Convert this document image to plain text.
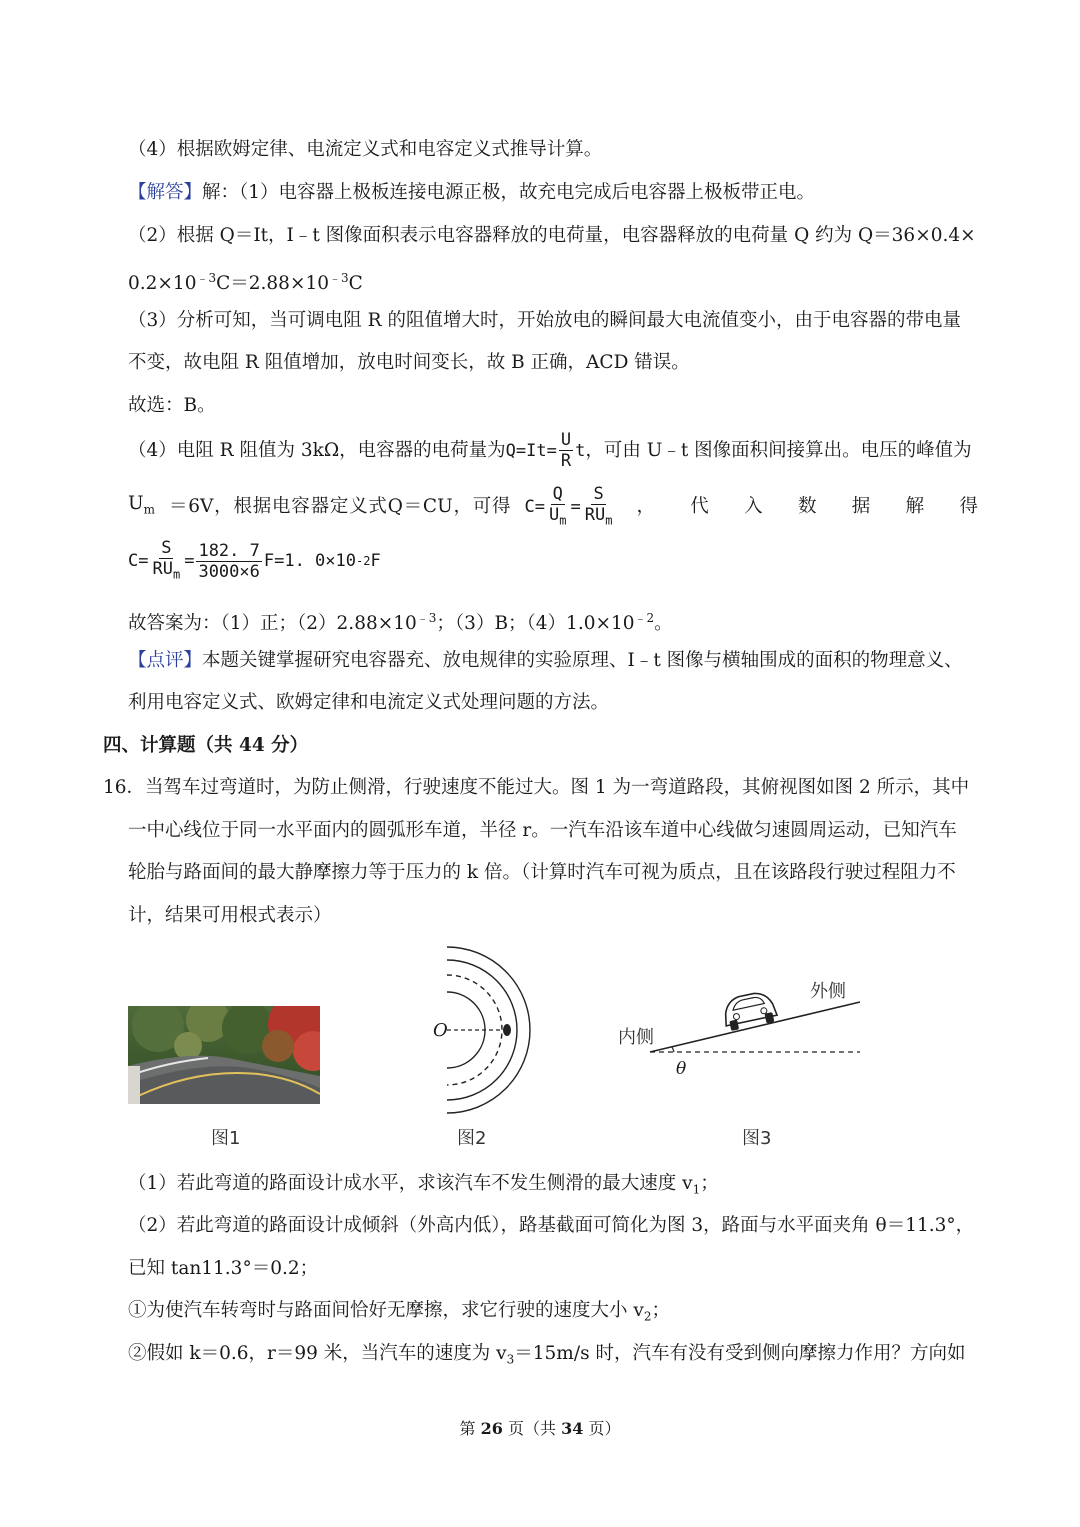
（4）根据欧姆定律、电流定义式和电容定义式推导计算。
【解答】解：（1）电容器上极板连接电源正极，故充电完成后电容器上极板带正电。
（2）根据 Q＝It，I﹣t 图像面积表示电容器释放的电荷量，电容器释放的电荷量 Q 约为 Q＝36×0.4×
$0.2\times 10^{﹣3}C=2.88\times 10^{﹣3}C$
（3）分析可知，当可调电阻 R 的阻值增大时，开始放电的瞬间最大电流值变小，由于电容器的带电量
不变，故电阻 R 阻值增加，放电时间变长，故 B 正确，ACD 错误。
故选：B。
（4）电阻 R 阻值为 3kΩ，电容器的电荷量为 $Q=It= \frac{U}{R}$ t ，可由 U﹣t 图像面积间接算出。电压的峰值为
$U_m = 6V$ ， 根 据 电 容 器 定 义 式 Q ＝ CU ， 可 得 $C= \frac{Q}{U_m} = \frac{S}{RU_m}$ ， 代 入 数 据 解 得
$C= \frac{S}{RU_m} = \frac{182. 7}{3000\times 6} F=1$. 0×10 -2 F
故答案为：（1）正；$(2)2.88\times 10^{﹣3}$；（3）B；$(4)1.0\times 10^{﹣2}$。
【点评】本题关键掌握研究电容器充、放电规律的实验原理、I﹣t 图像与横轴围成的面积的物理意义、
利用电容定义式、欧姆定律和电流定义式处理问题的方法。
四、计算题（共 44 分）
16．当驾车过弯道时，为防止侧滑，行驶速度不能过大。图 1 为一弯道路段，其俯视图如图 2 所示，其中
一中心线位于同一水平面内的圆弧形车道，半径 r。一汽车沿该车道中心线做匀速圆周运动，已知汽车
轮胎与路面间的最大静摩擦力等于压力的 k 倍。（计算时汽车可视为质点，且在该路段行驶过程阻力不
计，结果可用根式表示）
O
外侧
内侧
θ
图1	图2	图3
（1）若此弯道的路面设计成水平，求该汽车不发生侧滑的最大速度 $v_1$；
（2）若此弯道的路面设计成倾斜（外高内低），路基截面可简化为图 3，路面与水平面夹角 θ＝11.3°，
已知 tan11.3°＝0.2；
①为使汽车转弯时与路面间恰好无摩擦，求它行驶的速度大小 $v_2$；
②假如 k＝0.6，r＝99 米，当汽车的速度为 $v_3=15m/s$ 时，汽车有没有受到侧向摩擦力作用？方向如
第 26 页（共 34 页）
